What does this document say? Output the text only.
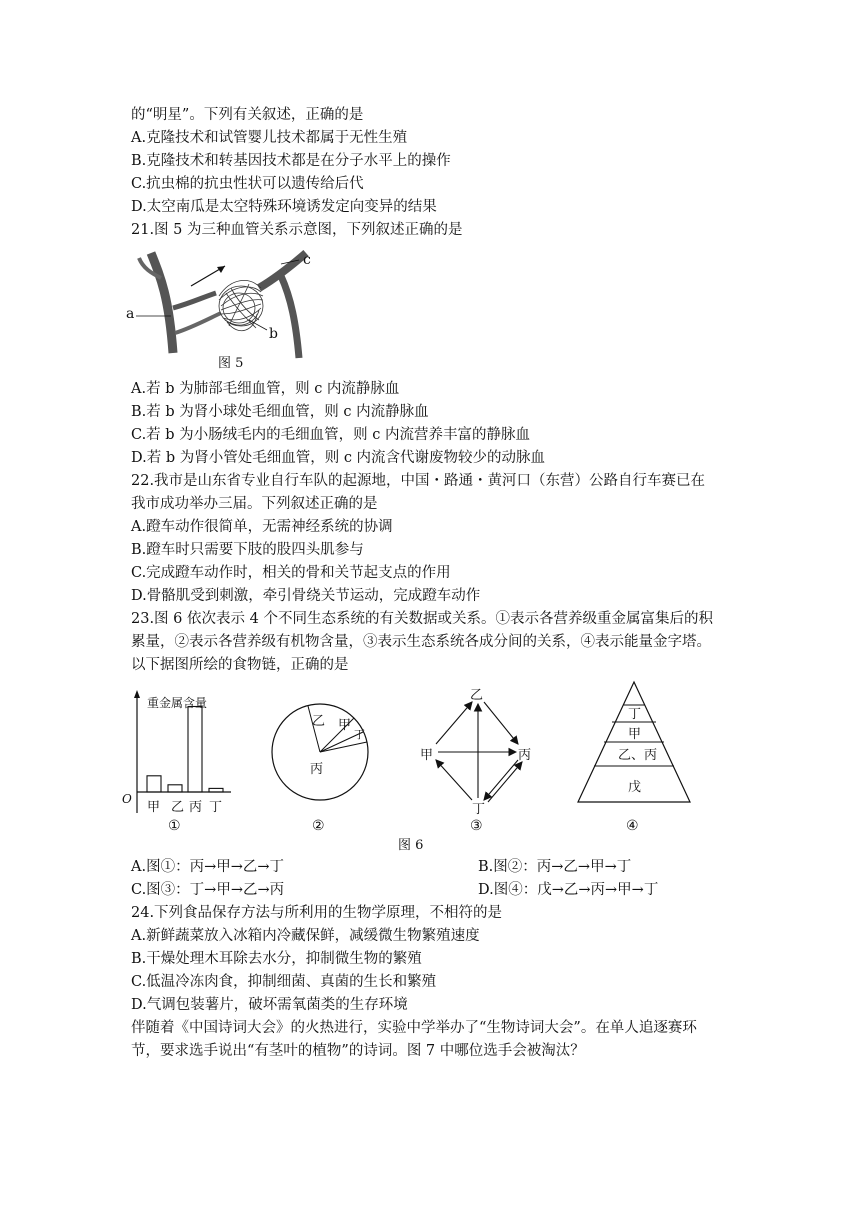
的“明星”。下列有关叙述，正确的是
A.克隆技术和试管婴儿技术都属于无性生殖
B.克隆技术和转基因技术都是在分子水平上的操作
C.抗虫棉的抗虫性状可以遗传给后代
D.太空南瓜是太空特殊环境诱发定向变异的结果
21.图 5 为三种血管关系示意图，下列叙述正确的是
a
c
b
图 5
A.若 b 为肺部毛细血管，则 c 内流静脉血
B.若 b 为肾小球处毛细血管，则 c 内流静脉血
C.若 b 为小肠绒毛内的毛细血管，则 c 内流营养丰富的静脉血
D.若 b 为肾小管处毛细血管，则 c 内流含代谢废物较少的动脉血
22.我市是山东省专业自行车队的起源地，中国・路通・黄河口（东营）公路自行车赛已在
我市成功举办三届。下列叙述正确的是
A.蹬车动作很简单，无需神经系统的协调
B.蹬车时只需要下肢的股四头肌参与
C.完成蹬车动作时，相关的骨和关节起支点的作用
D.骨骼肌受到刺激，牵引骨绕关节运动，完成蹬车动作
23.图 6 依次表示 4 个不同生态系统的有关数据或关系。①表示各营养级重金属富集后的积
累量，②表示各营养级有机物含量，③表示生态系统各成分间的关系，④表示能量金字塔。
以下据图所绘的食物链，正确的是
重金属含量
O
甲 乙 丙 丁
①
乙 甲
丁
丙
②
乙
甲	丙
丁
③
丁
甲
乙、丙
戊
④
图 6
A.图①：丙→甲→乙→丁	B.图②：丙→乙→甲→丁
C.图③：丁→甲→乙→丙	D.图④：戊→乙→丙→甲→丁
24.下列食品保存方法与所利用的生物学原理，不相符的是
A.新鲜蔬菜放入冰箱内冷藏保鲜，减缓微生物繁殖速度
B.干燥处理木耳除去水分，抑制微生物的繁殖
C.低温冷冻肉食，抑制细菌、真菌的生长和繁殖
D.气调包装薯片，破坏需氧菌类的生存环境
伴随着《中国诗词大会》的火热进行，实验中学举办了“生物诗词大会”。在单人追逐赛环
节，要求选手说出“有茎叶的植物”的诗词。图 7 中哪位选手会被淘汰？
